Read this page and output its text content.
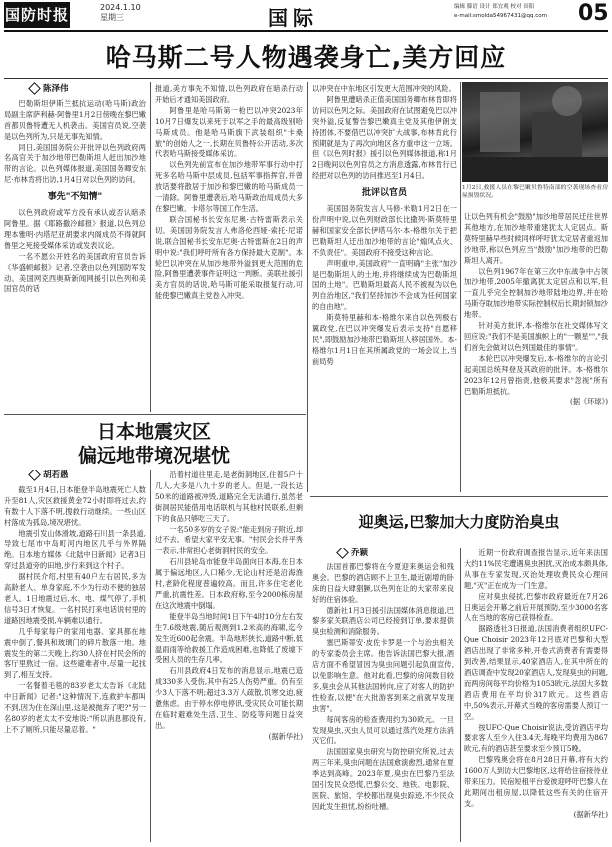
国防时报	2024.1.10
星期三	国际	编辑 滕语 设计 郑宜观 校对 田阳
e-mail:smolda54967431@qq.com 05
哈马斯二号人物遇袭身亡,美方回应
陈泽伟

巴勒斯坦伊斯兰抵抗运动(哈马斯)政治局副主席萨利赫·阿鲁里1月2日傍晚在黎巴嫩首都贝鲁特遭无人机袭击。美国官员说,空袭是以色列所为,只是无事先知情。

同日,美国国务院公开批评以色列政府两名高官关于加沙地带巴勒斯坦人赶出加沙地带的言论。以色列媒体报道,美国国务卿安东尼·布林肯将出访,1月4日对以色列的访问。

事先"不知情"

以色列政府或军方没有承认或否认暗杀阿鲁里。据《耶路撒冷邮报》报道,以色列总理本雅明·内塔尼亚胡要求内阁成员不得就阿鲁里之死接受媒体采访或发表议论。

一名不愿公开姓名的美国政府官员告诉《华盛顿邮报》记者,空袭由以色列国防军发动。美国网克西奥斯新闻网援引以色列和美国官员的话

报道,美方事先不知情,以色列政府在暗杀行动开始后才通知美国政府。

阿鲁里是哈马斯第一枪巴以冲突2023年10月7日爆发以来死于以军之手的最高级别哈马斯成员。他是哈马斯旗下武装组织"卡桑旅"的创始人之一,长期在贝鲁特公开活动,多次代表哈马斯接受媒体采访。

以色列先前宣布在加沙地带军事行动中打死多名哈马斯中层成员,包括军事指挥官,并曾放话要将散居于加沙和黎巴嫩的哈马斯成员一一清除。阿鲁里遭袭后,哈马斯政治局成员大多在黎巴嫩、卡塔尔等国工作生活。

联合国秘书长安东尼奥·古特雷斯表示关切。美国国务院发言人弗洛伦西娅·索托·尼诺说,联合国秘书长安东尼奥·古特雷斯在2日的声明中说:"我们呼吁所有各方保持最大克制"。本轮巴以冲突在从加沙地带外溢到更大范围的危险,阿鲁里遭袭事件证明这一判断。美联社援引美方官员的话说,哈马斯可能采取报复行动,可能使黎巴嫩真主党卷入冲突。

以冲突在中东地区引发更大范围冲突的风险。

阿鲁里遭暗杀正值美国国务卿布林肯即将访问以色列之际。美国政府在试图避免巴以冲突外溢,反复警告黎巴嫩真主党及其他伊朗支持团体,不要借巴以冲突扩大战事,布林肯此行预期就是为了再次向地区各方重申这一立场。但《以色列时报》援引以色列媒体报道,称1月2日晚间以色列官员之方消息透露,布林肯行已经把对以色列的访问推迟至1月4日。

批评以官员

美国国务院发言人马修·米勒1月2日在一份声明中说,以色列财政部长比撒列·斯莫特里赫和国家安全部长伊塔马尔·本-格维尔关于把巴勒斯坦人迁出加沙地带的言论"煽风点火、不负责任"。美国政府不接受这种言论。

声明重申,美国政府"一直明确"主张"加沙是巴勒斯坦人的土地,并将继续成为巴勒斯坦国的土地"。巴勒斯坦最高人民不被视为以色列自治地区,"我们坚持加沙不会成为任何国家的自由地"。

斯莫特里赫和本-格维尔来自以色列极右翼政党,在巴以冲突爆发后表示支持"自愿移民",即鼓励加沙地带巴勒斯坦人移居国外。本-格维尔1月1日在其所属政党的一场会议上,当前局势

1月2日,救援人员在黎巴嫩贝鲁特南部的空袭现场查看房屋损毁状况。

让以色列有机会"鼓励"加沙地带居民迁往世界其他地方,在加沙地带重建犹太人定居点。斯莫特里赫早些时候同样呼吁犹太定居者重返加沙地带,称以色列应当"鼓励"加沙地带的巴勒斯坦人离开。

以色列1967年在第三次中东战争中占领加沙地带,2005年撤离犹太定居点和以军,但一直儿乎完全控制加沙地带陆地边界,并在哈马斯夺取加沙地带实际控制权后长期封锁加沙地带。

针对美方批评,本-格维尔在社交媒体写文回应说:"我们不是美国旗帜上的"一颗星"","我们首先会做对以色列国最佳的事情"。

本轮巴以冲突爆发后,本-格维尔的言论引起美国总统拜登及其政府的批评。本-格维尔2023年12月曾指责,他极其要求"忽视"所有巴勒斯坦抵抗。

(据《环球》)
日本地震灾区
偏远地带境况堪忧
胡若愚

截至1月4日,日本能登半岛地震死亡人数升至81人,灾区救援黄金72小时即将过去,约有数十人下落不明,搜救行动继续。一些山区村落成为孤岛,境况堪忧。

地震引发山体滑坡,道路石川县一条县道,导致七尾市中岛町河内地区几乎与外界隔绝。日本地方媒体《北陆中日新闻》记者3日穿过县道旁的田地,步行来到这个村子。

据村民介绍,村里有40户左右居民,多为高龄老人、单身家庭,不少为行动不便的独居老人。1日地震过后,水、电、煤气停了,手机信号3日才恢复。一名村民打来电话说村里的道路因地震受损,车辆难以通行。

几乎每家每户的家用电器、家具都在地震中倒了,餐具和玻璃门的碎片散落一地。地震发生的第二天晚上,约30人挤在村民会所的客厅里熬过一宿。这些避难者中,尽量一起找到了,相互支持。

一名餐着毛毯的83岁老太太告诉《北陆中日新闻》记者:"这种情况下,连救护车都叫不到,因为住在深山里,这是被抛弃了吧?"另一名80岁的老太太不安地说:"所以消息都没有,上不了厕所,只能尽量忍着。"

沿着村道往里走,是老街洞地区,住着5户十几人,大多是八九十岁的老人。但是,一段长达50米的道路被冲毁,道路完全无法通行,虽然老街洞居民能借用电话联机与其他村民联系,但剩下的食品只够吃三天了。

一名50多岁的女子说:"能走到房子附近,却过不去。希望大家平安无事。"村民会长并平秀一表示,非常担心老街洞村民的安全。

石川县轮岛市能登半岛面向日本海,在日本属于偏远地区,人口稀少,无论山村还是沿海渔村,老龄化程度普遍较高。而且,许多住宅老化严重,抗震性差。日本政府称,至今2000栋房屋在这次地震中倒塌。

能登半岛当地时间1日下午4时10分左右发生7.6级地震,随后观测到1.2米高的海啸,迄今发生近600起余震。半岛地形狭长,道路中断,低温雨雨等给救援工作造成困难,也降低了废墟下受困人员的生存几率。

石川县政府4日发布的消息显示,地震已造成330多人受伤,其中有25人伤势严重。仍有至少3人下落不明;超过3.3万人疏散,饥寒交迫,疲惫焦虑。由于停水停电停讯,受灾民众可能长期在临时避难处生活,卫生、防疫等问题日益突出。

(据新华社)
迎奥运,巴黎加大力度防治臭虫
乔颖

法国首都巴黎将在今夏迎来奥运会和残奥会。巴黎的酒店顾不上卫生,最近剧增的卧床的日益大肆猖獗,以色列在让的大家带来良好的住宿体验。

德新社1月3日援引法国媒体消息报道,巴黎多家关联酒店公司已经接到订单,要求提供臭虫检测和消除服务。

塞巴斯蒂安·皮佐卡罗是一个与治虫相关的专家委员会主席。他告诉法国巴黎大报,酒店方面不希望冒因为臭虫问题引起负面宣传,以免影响生意。他对此看,巴黎的房间数目较多,臭虫会从其他法国转向,应了对客人的防护性检查,以便"在大批游客到来之前就早发现虫害"。

每间客房的检查费用约为30欧元。一旦发现臭虫,灭虫人员可以通过蒸汽处理方法消灭它们。

法国国家臭虫研究与防控研究所说,过去两三年来,臭虫问题在法国愈演愈烈,通常在夏季达到高峰。2023年夏,臭虫在巴黎乃至法国引发民众恐慌,巴黎公交、地铁、电影院、医院、旅馆、学校都出现臭虫踪迹,不少民众因此发生担忧,纷纷吐槽。

近期一份政府调查报告显示,近年来法国大约11%民宅遭遇臭虫困扰,灭治成本颇具体,从事在专家发现,灭治处理收费民众心理问题,"灭"正在成为一门生意。

应对臭虫侵扰,巴黎市政府最近在7月26日奥运会开幕之前后开展预防,至少3000名客人在当地的客房已获得检查。

据路透社3日报道,法国消费者组织UFC-Que Choisir 2023年12月底对巴黎和大型酒店出现了非常多种,开卷式消费者有需要得到改善,结果显示,40家酒店人,在其中所在的酒店调查中发现20家酒店人,发现臭虫的问题,而两房间每平均价格为1053欧元,法国大多数酒店费用在平均价317欧元。这些酒店中,50%表示,开幕式当晚的客房需要人预订一空。

按UFC-Que Choisir说法,受访酒店平均要求客人至少入住3.4天,每晚平均费用为867欧元,有的酒店甚至要求至少预订5晚。

巴黎残奥会将在8月28日开幕,将有大约1600万人到访大巴黎地区,这将给住宿接待业带来压力。民宿短租平台爱彼迎呼吁巴黎人在此期间出租房屋,以降低这些有关的住宿开支。

(据新华社)
